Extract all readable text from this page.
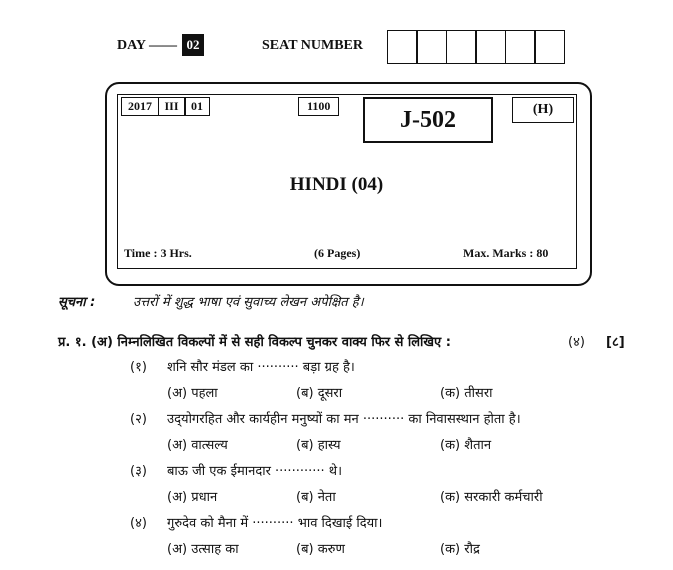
DAY —— 02	SEAT NUMBER
2017	III	01	1100
J-502	(H)
HINDI (04)
Time : 3 Hrs.	(6 Pages)	Max. Marks : 80
सूचना :	उत्तरों में शुद्ध भाषा एवं सुवाच्य लेखन अपेक्षित है।
प्र. १. (अ) निम्नलिखित विकल्पों में से सही विकल्प चुनकर वाक्य फिर से लिखिए :	(४) [८]
(१) शनि सौर मंडल का ·········· बड़ा ग्रह है।
(अ) पहला	(ब) दूसरा	(क) तीसरा
(२) उद्‌योगरहित और कार्यहीन मनुष्यों का मन ·········· का निवासस्थान होता है।
(अ) वात्सल्य	(ब) हास्य	(क) शैतान
(३) बाऊ जी एक ईमानदार ············ थे।
(अ) प्रधान	(ब) नेता	(क) सरकारी कर्मचारी
(४) गुरुदेव को मैना में ·········· भाव दिखाई दिया।
(अ) उत्साह का	(ब) करुण	(क) रौद्र
